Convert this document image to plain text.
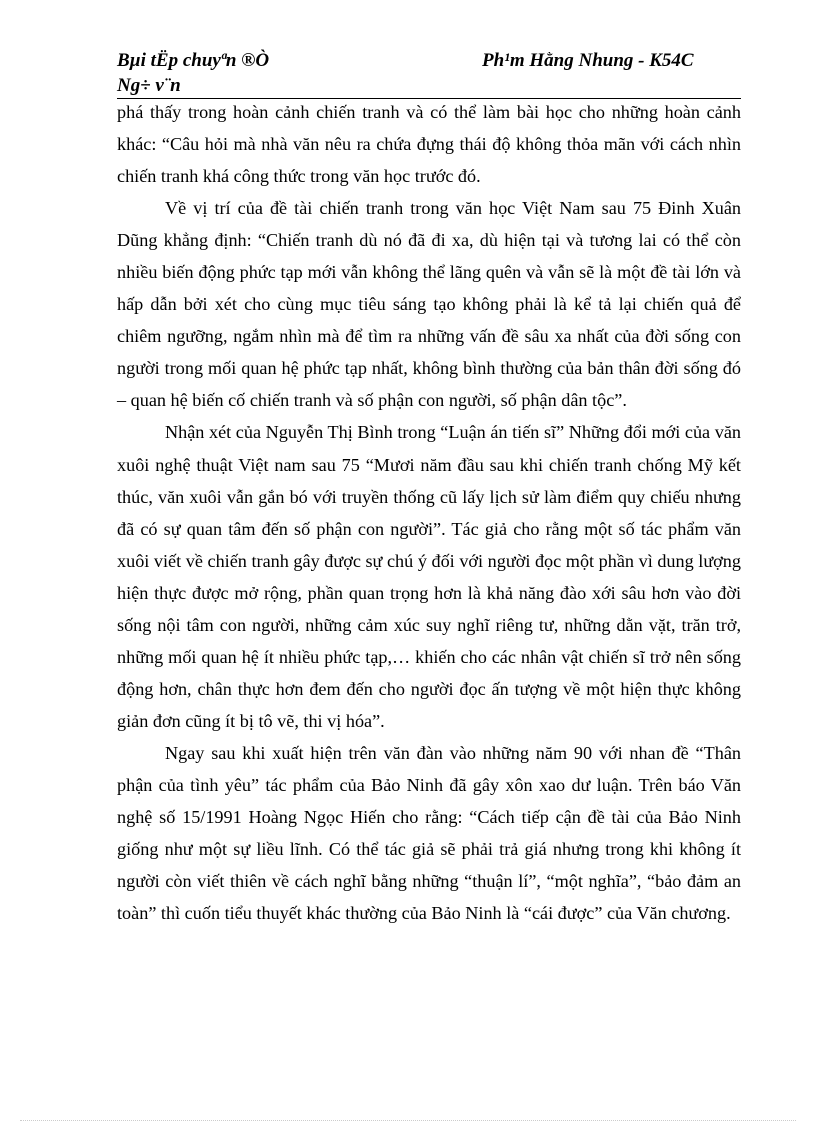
Bµi tËp chuyªn ®Ò
Ng÷ v¨n
Ph¹m Hằng Nhung - K54C

phá thấy trong hoàn cảnh chiến tranh và có thể làm bài học cho những hoàn cảnh khác: “Câu hỏi mà nhà văn nêu ra chứa đựng thái độ không thỏa mãn với cách nhìn chiến tranh khá công thức trong văn học trước đó.

Về vị trí của đề tài chiến tranh trong văn học Việt Nam sau 75 Đinh Xuân Dũng khẳng định: “Chiến tranh dù nó đã đi xa, dù hiện tại và tương lai có thể còn nhiều biến động phức tạp mới vẫn không thể lãng quên và vẫn sẽ là một đề tài lớn và hấp dẫn bởi xét cho cùng mục tiêu sáng tạo không phải là kể tả lại chiến quả để chiêm ngưỡng, ngắm nhìn mà để tìm ra những vấn đề sâu xa nhất của đời sống con người trong mối quan hệ phức tạp nhất, không bình thường của bản thân đời sống đó – quan hệ biến cố chiến tranh và số phận con người, số phận dân tộc”.

Nhận xét của Nguyễn Thị Bình trong “Luận án tiến sĩ” Những đổi mới của văn xuôi nghệ thuật Việt nam sau 75 “Mươi năm đầu sau khi chiến tranh chống Mỹ kết thúc, văn xuôi vẫn gắn bó với truyền thống cũ lấy lịch sử làm điểm quy chiếu nhưng đã có sự quan tâm đến số phận con người”. Tác giả cho rằng một số tác phẩm văn xuôi viết về chiến tranh gây được sự chú ý đối với người đọc một phần vì dung lượng hiện thực được mở rộng, phần quan trọng hơn là khả năng đào xới sâu hơn vào đời sống nội tâm con người, những cảm xúc suy nghĩ riêng tư, những dằn vặt, trăn trở, những mối quan hệ ít nhiều phức tạp,… khiến cho các nhân vật chiến sĩ trở nên sống động hơn, chân thực hơn đem đến cho người đọc ấn tượng về một hiện thực không giản đơn cũng ít bị tô vẽ, thi vị hóa”.

Ngay sau khi xuất hiện trên văn đàn vào những năm 90 với nhan đề “Thân phận của tình yêu” tác phẩm của Bảo Ninh đã gây xôn xao dư luận. Trên báo Văn nghệ số 15/1991 Hoàng Ngọc Hiến cho rằng: “Cách tiếp cận đề tài của Bảo Ninh giống như một sự liều lĩnh. Có thể tác giả sẽ phải trả giá nhưng trong khi không ít người còn viết thiên về cách nghĩ bằng những “thuận lí”, “một nghĩa”, “bảo đảm an toàn” thì cuốn tiểu thuyết khác thường của Bảo Ninh là “cái được” của Văn chương.
